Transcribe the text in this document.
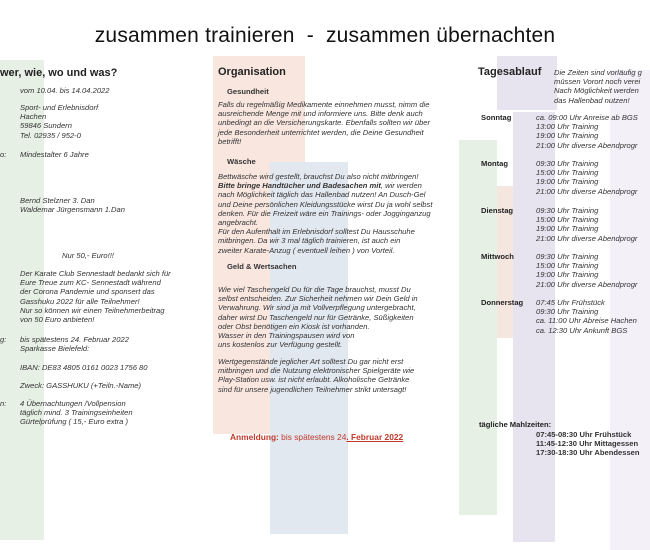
zusammen trainieren  -  zusammen übernachten
wer, wie, wo und was?
vom 10.04. bis 14.04.2022
Sport- und Erlebnisdorf
Hachen
59846 Sundern
Tel. 02935 / 952-0
o: Mindestalter 6 Jahre
Bernd Stelzner 3. Dan
Waldemar Jürgensmann 1.Dan
Nur 50,- Euro!!!
Der Karate Club Sennestadt bedankt sich für
Eure Treue zum KC- Sennestadt während
der Corona Pandemie und sponsert das
Gasshuku 2022 für alle Teilnehmer!
Nur so können wir einen Teilnehmerbeitrag
von 50 Euro anbieten!
g: bis spätestens 24. Februar 2022
Sparkasse Bielefeld:
IBAN: DE83 4805 0161 0023 1756 80
Zweck: GASSHUKU (+Teiln.-Name)
n: 4 Übernachtungen /Vollpension
täglich mind. 3 Trainingseinheiten
Gürtelprüfung ( 15,- Euro extra )
Organisation
Gesundheit
Falls du regelmäßig Medikamente einnehmen musst, nimm die
ausreichende Menge mit und informiere uns. Bitte denk auch
unbedingt an die Versicherungskarte. Ebenfalls sollten wir über
jede Besonderheit unterrichtet werden, die Deine Gesundheit
betrifft!
Wäsche
Bettwäsche wird gestellt, brauchst Du also nicht mitbringen!
Bitte bringe Handtücher und Badesachen mit, wir werden
nach Möglichkeit täglich das Hallenbad nutzen! An Dusch-Gel
und Deine persönlichen Kleidungsstücke wirst Du ja wohl selbst
denken. Für die Freizeit wäre ein Trainings- oder Jogginganzug
angebracht.
Für den Aufenthalt im Erlebnisdorf solltest Du Hausschuhe
mitbringen. Da wir 3 mal täglich trainieren, ist auch ein
zweiter Karate-Anzug ( eventuell leihen ) von Vorteil.
Geld & Wertsachen
Wie viel Taschengeld Du für die Tage brauchst, musst Du
selbst entscheiden. Zur Sicherheit nehmen wir Dein Geld in
Verwahrung. Wir sind ja mit Vollverpflegung untergebracht,
daher wirst Du Taschengeld nur für Getränke, Süßigkeiten
oder Obst benötigen ein Kiosk ist vorhanden.
Wasser in den Trainingspausen wird von
uns kostenlos zur Verfügung gestellt.
Wertgegenstände jeglicher Art solltest Du gar nicht erst
mitbringen und die Nutzung elektronischer Spielgeräte wie
Play-Station usw. ist nicht erlaubt. Alkoholische Getränke
sind für unsere jugendlichen Teilnehmer strikt untersagt!
Anmeldung: bis spätestens 24. Februar 2022
Tagesablauf Die Zeiten sind vorläufig g
müssen Vorort noch verei
Nach Möglichkeit werden
das Hallenbad nutzen!
Sonntag	ca. 09:00 Uhr Anreise ab BGS
13:00 Uhr Training
19:00 Uhr Training
21:00 Uhr diverse Abendprogr
Montag	09:30 Uhr Training
15:00 Uhr Training
19:00 Uhr Training
21:00 Uhr diverse Abendprogr
Dienstag	09:30 Uhr Training
15:00 Uhr Training
19:00 Uhr Training
21:00 Uhr diverse Abendprogr
Mittwoch	09:30 Uhr Training
15:00 Uhr Training
19:00 Uhr Training
21:00 Uhr diverse Abendprogr
Donnerstag 07:45 Uhr Frühstück
09:30 Uhr Training
ca. 11:00 Uhr Abreise Hachen
ca. 12:30 Uhr Ankunft BGS
tägliche Mahlzeiten:
07:45-08:30 Uhr Frühstück
11:45-12:30 Uhr Mittagessen
17:30-18:30 Uhr Abendessen
